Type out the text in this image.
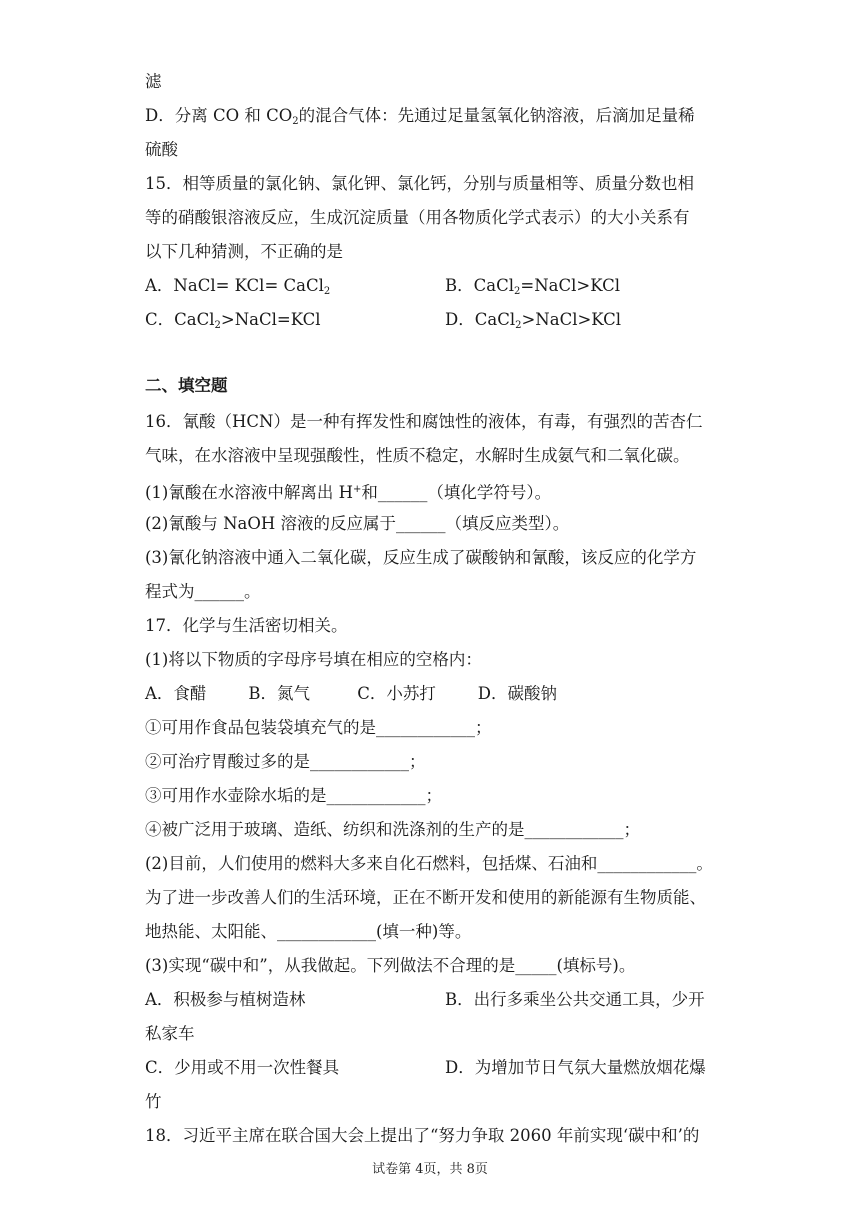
滤
D．分离 CO 和 $CO_2$的混合气体：先通过足量氢氧化钠溶液，后滴加足量稀
硫酸
15．相等质量的氯化钠、氯化钾、氯化钙，分别与质量相等、质量分数也相
等的硝酸银溶液反应，生成沉淀质量（用各物质化学式表示）的大小关系有
以下几种猜测，不正确的是
A．NaCl= KCl= CaCl$_2$	B．CaCl$_2$=NaCl>KCl
C．CaCl$_2$>NaCl=KCl	D．CaCl$_2$>NaCl>KCl
二、填空题
16．氰酸（HCN）是一种有挥发性和腐蚀性的液体，有毒，有强烈的苦杏仁
气味，在水溶液中呈现强酸性，性质不稳定，水解时生成氨气和二氧化碳。
(1)氰酸在水溶液中解离出 H+和______（填化学符号）。
(2)氰酸与 NaOH 溶液的反应属于______（填反应类型）。
(3)氰化钠溶液中通入二氧化碳，反应生成了碳酸钠和氰酸，该反应的化学方
程式为______。
17．化学与生活密切相关。
(1)将以下物质的字母序号填在相应的空格内：
A．食醋        B．氮气         C．小苏打        D．碳酸钠
①可用作食品包装袋填充气的是____________；
②可治疗胃酸过多的是____________；
③可用作水壶除水垢的是____________；
④被广泛用于玻璃、造纸、纺织和洗涤剂的生产的是____________；
(2)目前，人们使用的燃料大多来自化石燃料，包括煤、石油和____________。
为了进一步改善人们的生活环境，正在不断开发和使用的新能源有生物质能、
地热能、太阳能、____________(填一种)等。
(3)实现“碳中和”，从我做起。下列做法不合理的是_____(填标号)。
A．积极参与植树造林	B．出行多乘坐公共交通工具，少开
私家车
C．少用或不用一次性餐具	D．为增加节日气氛大量燃放烟花爆
竹
18．习近平主席在联合国大会上提出了“努力争取 2060 年前实现‘碳中和’的
试卷第 4页，共 8页
